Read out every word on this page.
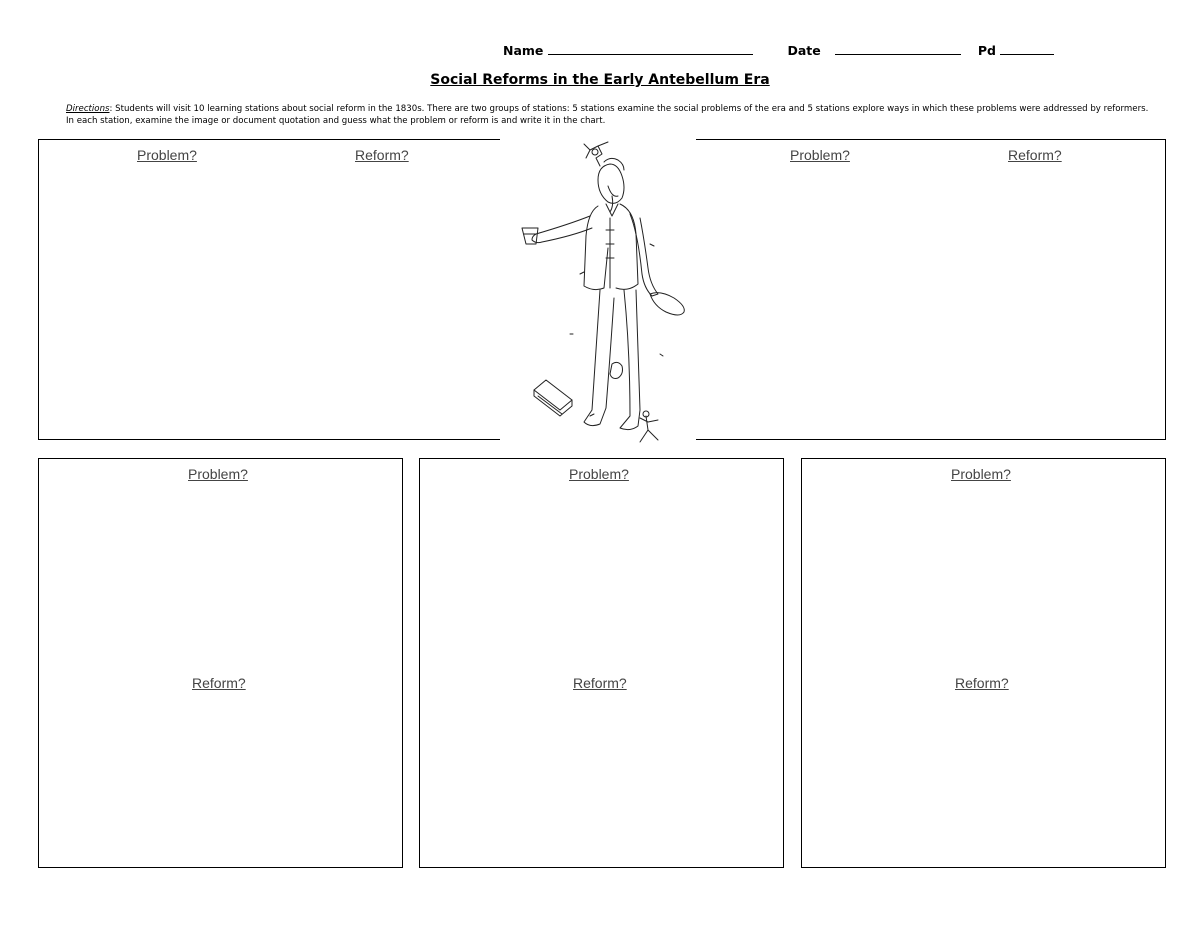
Name	Date	Pd
Social Reforms in the Early Antebellum Era
Directions: Students will visit 10 learning stations about social reform in the 1830s. There are two groups of stations: 5 stations examine the social problems of the era and 5 stations explore ways in which these problems were addressed by reformers. In each station, examine the image or document quotation and guess what the problem or reform is and write it in the chart.
Problem?	Reform?	Problem?	Reform?
Problem?
Reform?
Problem?
Reform?
Problem?
Reform?
